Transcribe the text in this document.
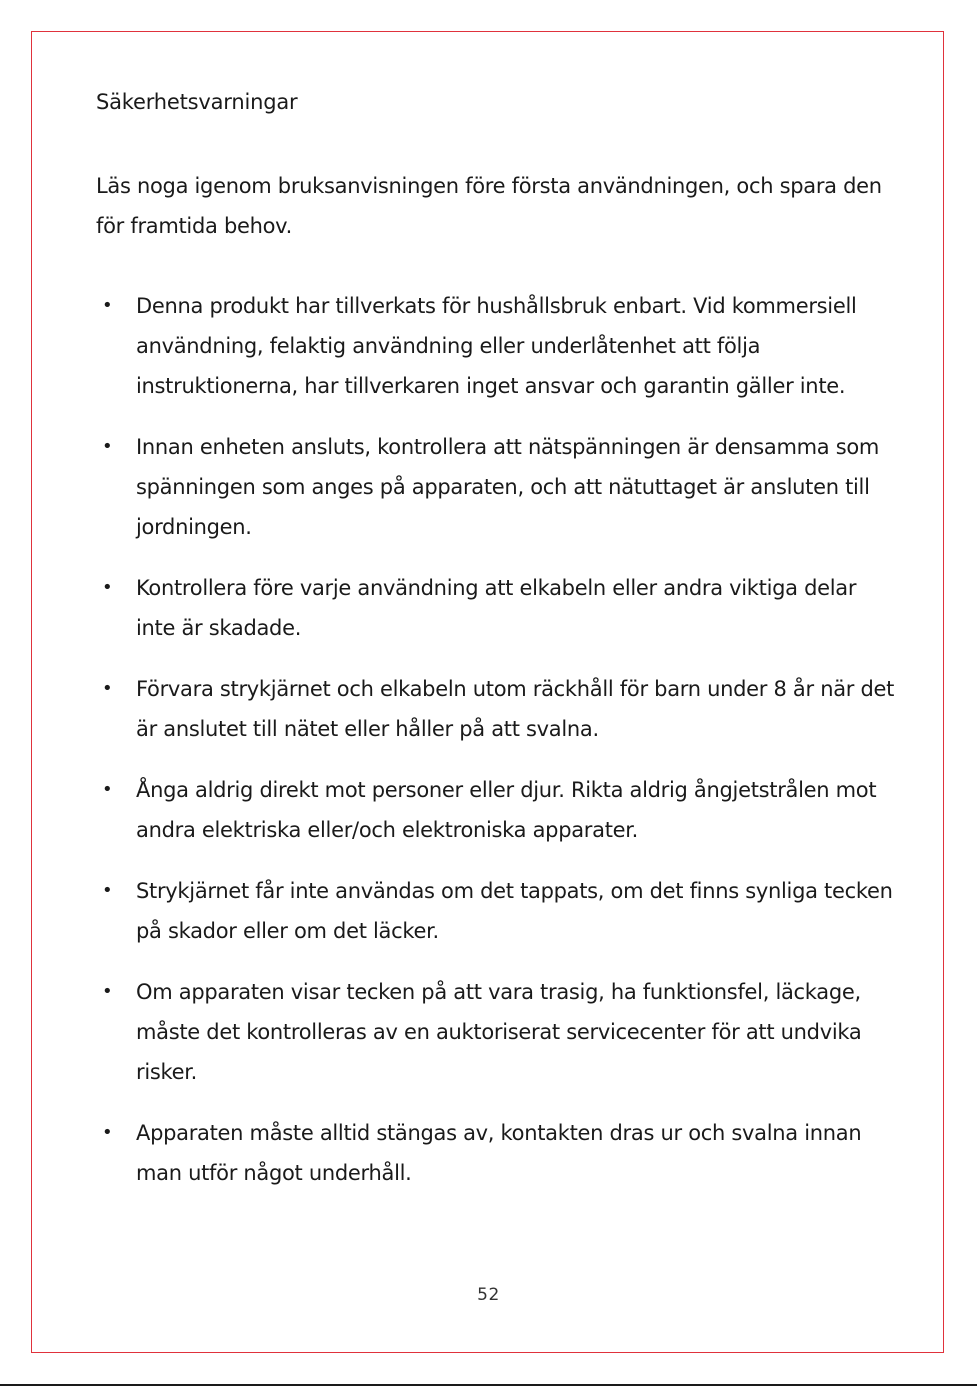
Säkerhetsvarningar

Läs noga igenom bruksanvisningen före första användningen, och spara den för framtida behov.

• Denna produkt har tillverkats för hushållsbruk enbart. Vid kommersiell användning, felaktig användning eller underlåtenhet att följa instruktionerna, har tillverkaren inget ansvar och garantin gäller inte.
• Innan enheten ansluts, kontrollera att nätspänningen är densamma som spänningen som anges på apparaten, och att nätuttaget är ansluten till jordningen.
• Kontrollera före varje användning att elkabeln eller andra viktiga delar inte är skadade.
• Förvara strykjärnet och elkabeln utom räckhåll för barn under 8 år när det är anslutet till nätet eller håller på att svalna.
• Ånga aldrig direkt mot personer eller djur. Rikta aldrig ångjetstrålen mot andra elektriska eller/och elektroniska apparater.
• Strykjärnet får inte användas om det tappats, om det finns synliga tecken på skador eller om det läcker.
• Om apparaten visar tecken på att vara trasig, ha funktionsfel, läckage, måste det kontrolleras av en auktoriserat servicecenter för att undvika risker.
• Apparaten måste alltid stängas av, kontakten dras ur och svalna innan man utför något underhåll.
52
